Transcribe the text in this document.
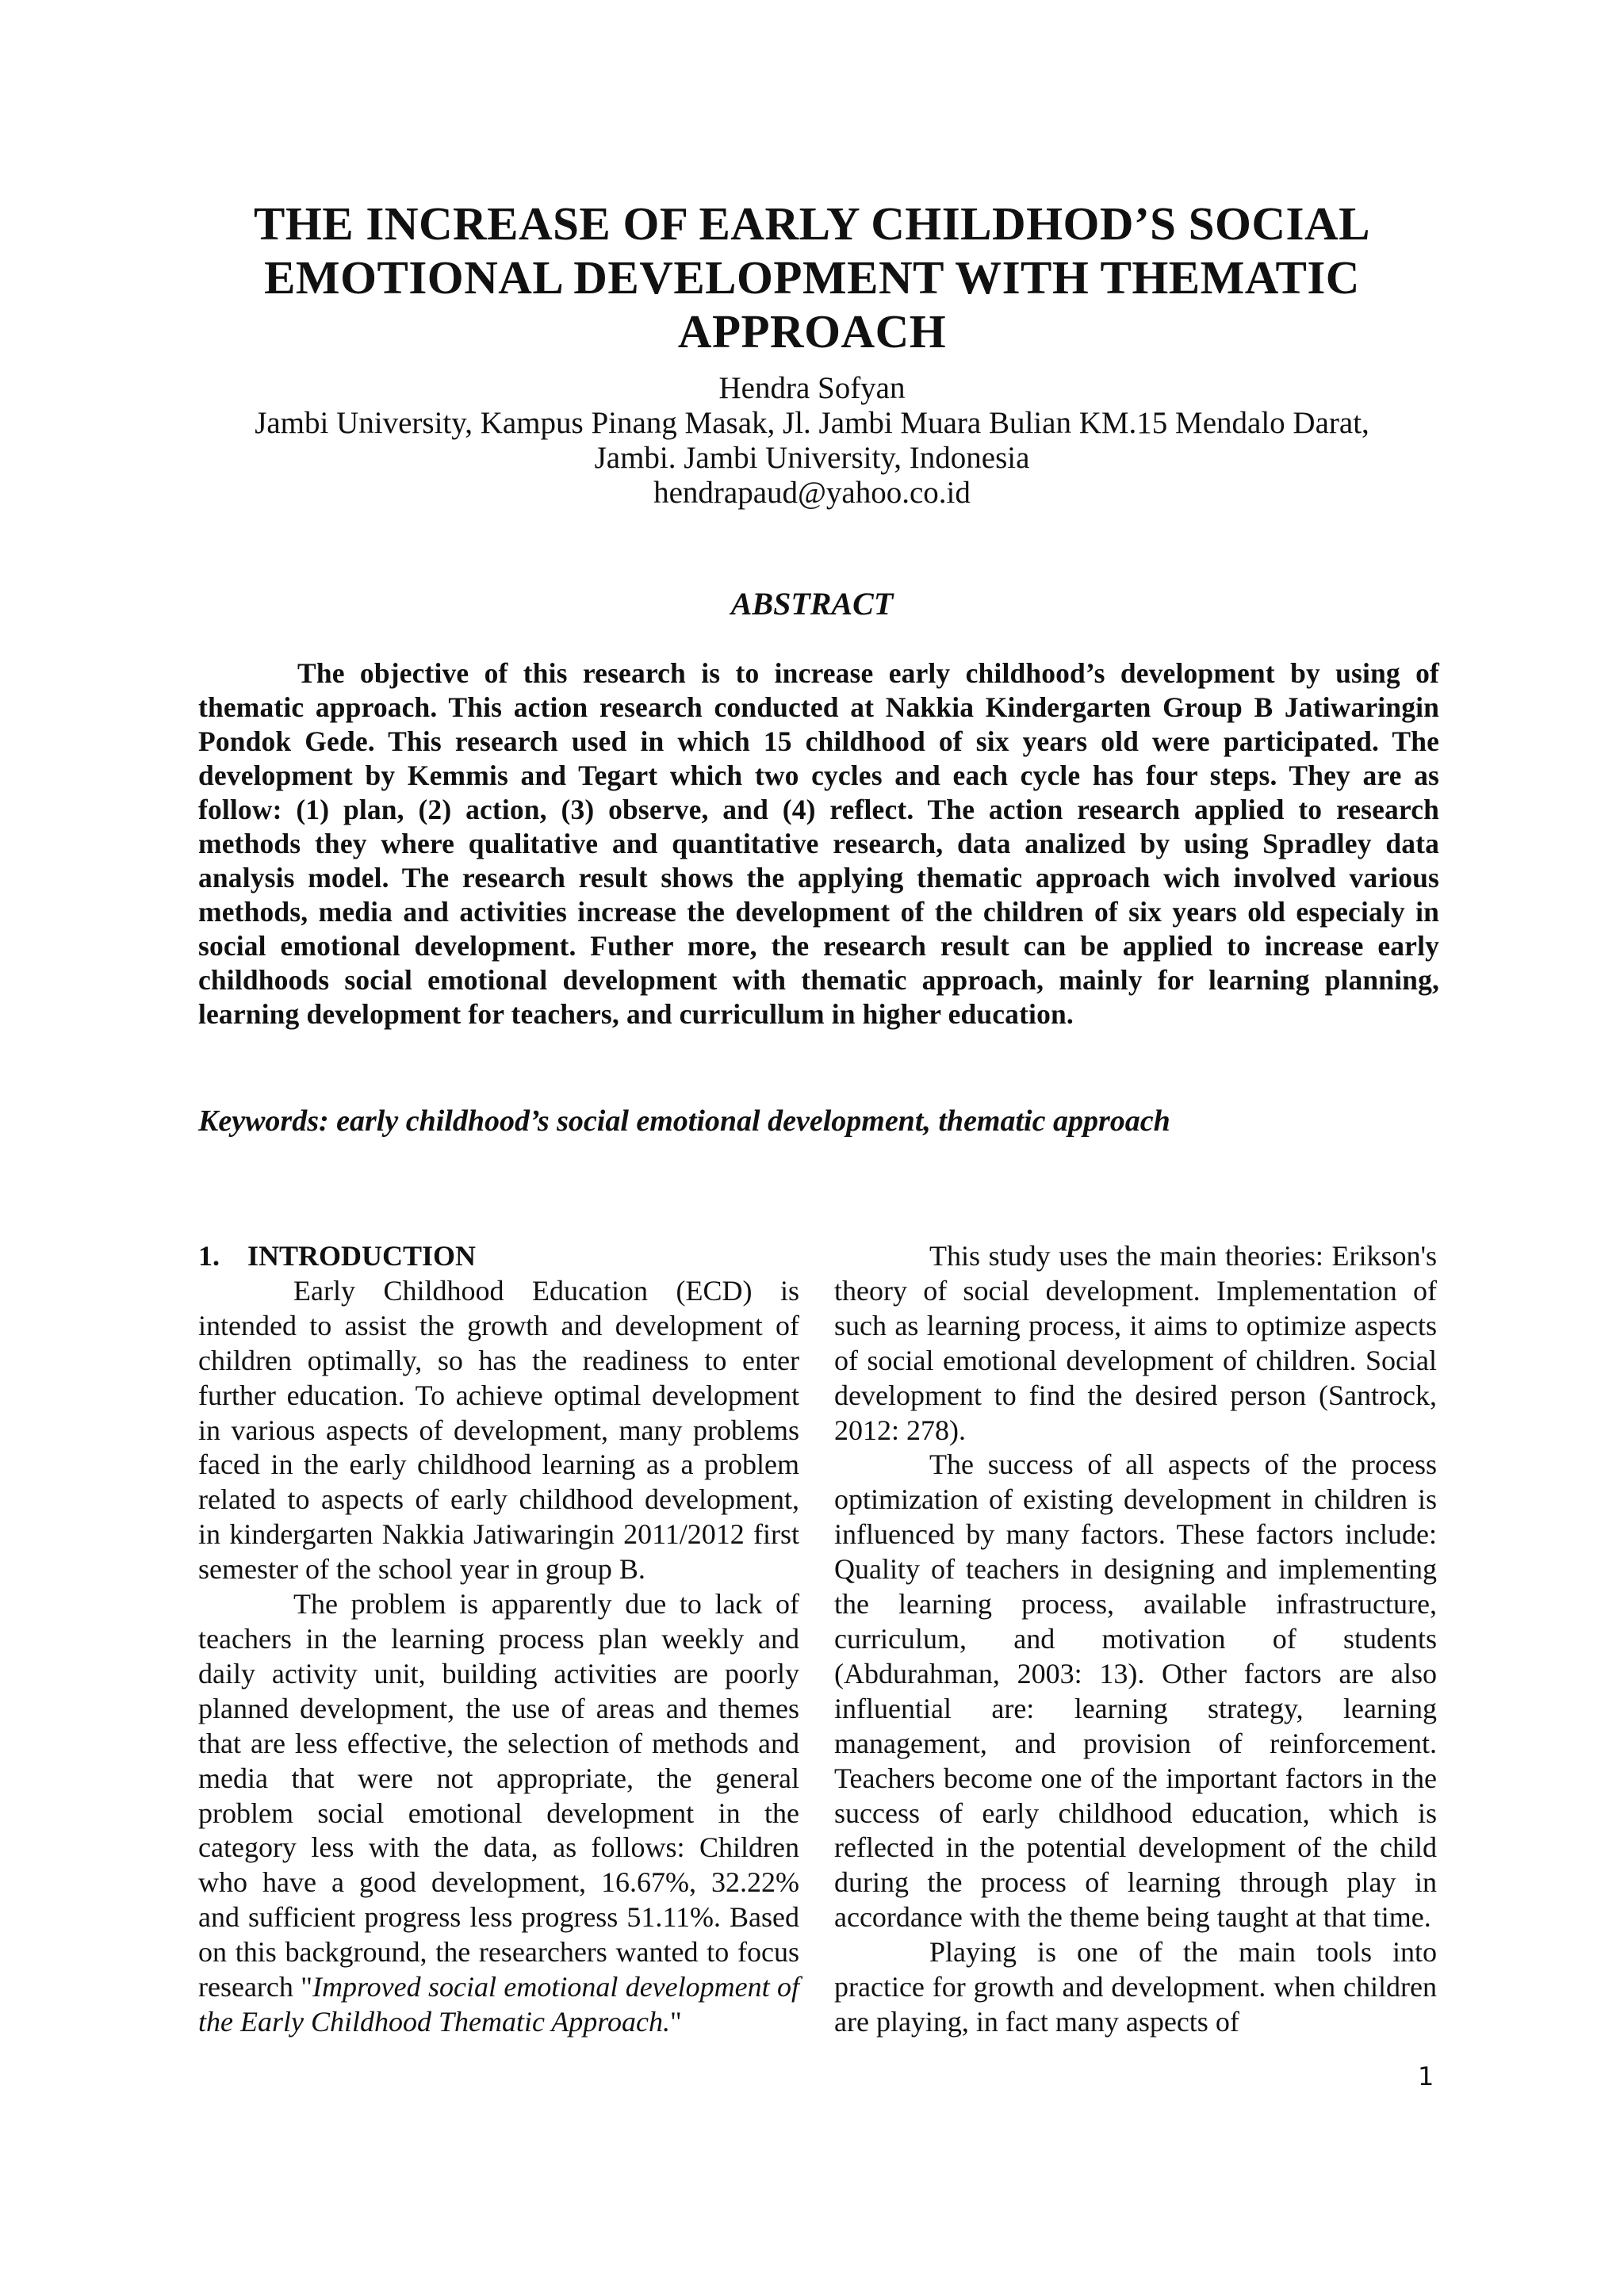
THE INCREASE OF EARLY CHILDHOD’S SOCIAL
EMOTIONAL DEVELOPMENT WITH THEMATIC
APPROACH
Hendra Sofyan
Jambi University, Kampus Pinang Masak, Jl. Jambi Muara Bulian KM.15 Mendalo Darat,
Jambi. Jambi University, Indonesia
hendrapaud@yahoo.co.id
ABSTRACT

The objective of this research is to increase early childhood’s development by using of thematic approach. This action research conducted at Nakkia Kindergarten Group B Jatiwaringin Pondok Gede. This research used in which 15 childhood of six years old were participated. The development by Kemmis and Tegart which two cycles and each cycle has four steps. They are as follow: (1) plan, (2) action, (3) observe, and (4) reflect. The action research applied to research methods they where qualitative and quantitative research, data analized by using Spradley data analysis model. The research result shows the applying thematic approach wich involved various methods, media and activities increase the development of the children of six years old especialy in social emotional development. Futher more, the research result can be applied to increase early childhoods social emotional development with thematic approach, mainly for learning planning, learning development for teachers, and curricullum in higher education.

Keywords: early childhood’s social emotional development, thematic approach
1. INTRODUCTION

Early Childhood Education (ECD) is intended to assist the growth and development of children optimally, so has the readiness to enter further education. To achieve optimal development in various aspects of development, many problems faced in the early childhood learning as a problem related to aspects of early childhood development, in kindergarten Nakkia Jatiwaringin 2011/2012 first semester of the school year in group B.

The problem is apparently due to lack of teachers in the learning process plan weekly and daily activity unit, building activities are poorly planned development, the use of areas and themes that are less effective, the selection of methods and media that were not appropriate, the general problem social emotional development in the category less with the data, as follows: Children who have a good development, 16.67%, 32.22% and sufficient progress less progress 51.11%. Based on this background, the researchers wanted to focus research "Improved social emotional development of the Early Childhood Thematic Approach."

This study uses the main theories: Erikson's theory of social development. Implementation of such as learning process, it aims to optimize aspects of social emotional development of children. Social development to find the desired person (Santrock, 2012: 278).

The success of all aspects of the process optimization of existing development in children is influenced by many factors. These factors include: Quality of teachers in designing and implementing the learning process, available infrastructure, curriculum, and motivation of students (Abdurahman, 2003: 13). Other factors are also influential are: learning strategy, learning management, and provision of reinforcement. Teachers become one of the important factors in the success of early childhood education, which is reflected in the potential development of the child during the process of learning through play in accordance with the theme being taught at that time.

Playing is one of the main tools into practice for growth and development. when children are playing, in fact many aspects of

1
